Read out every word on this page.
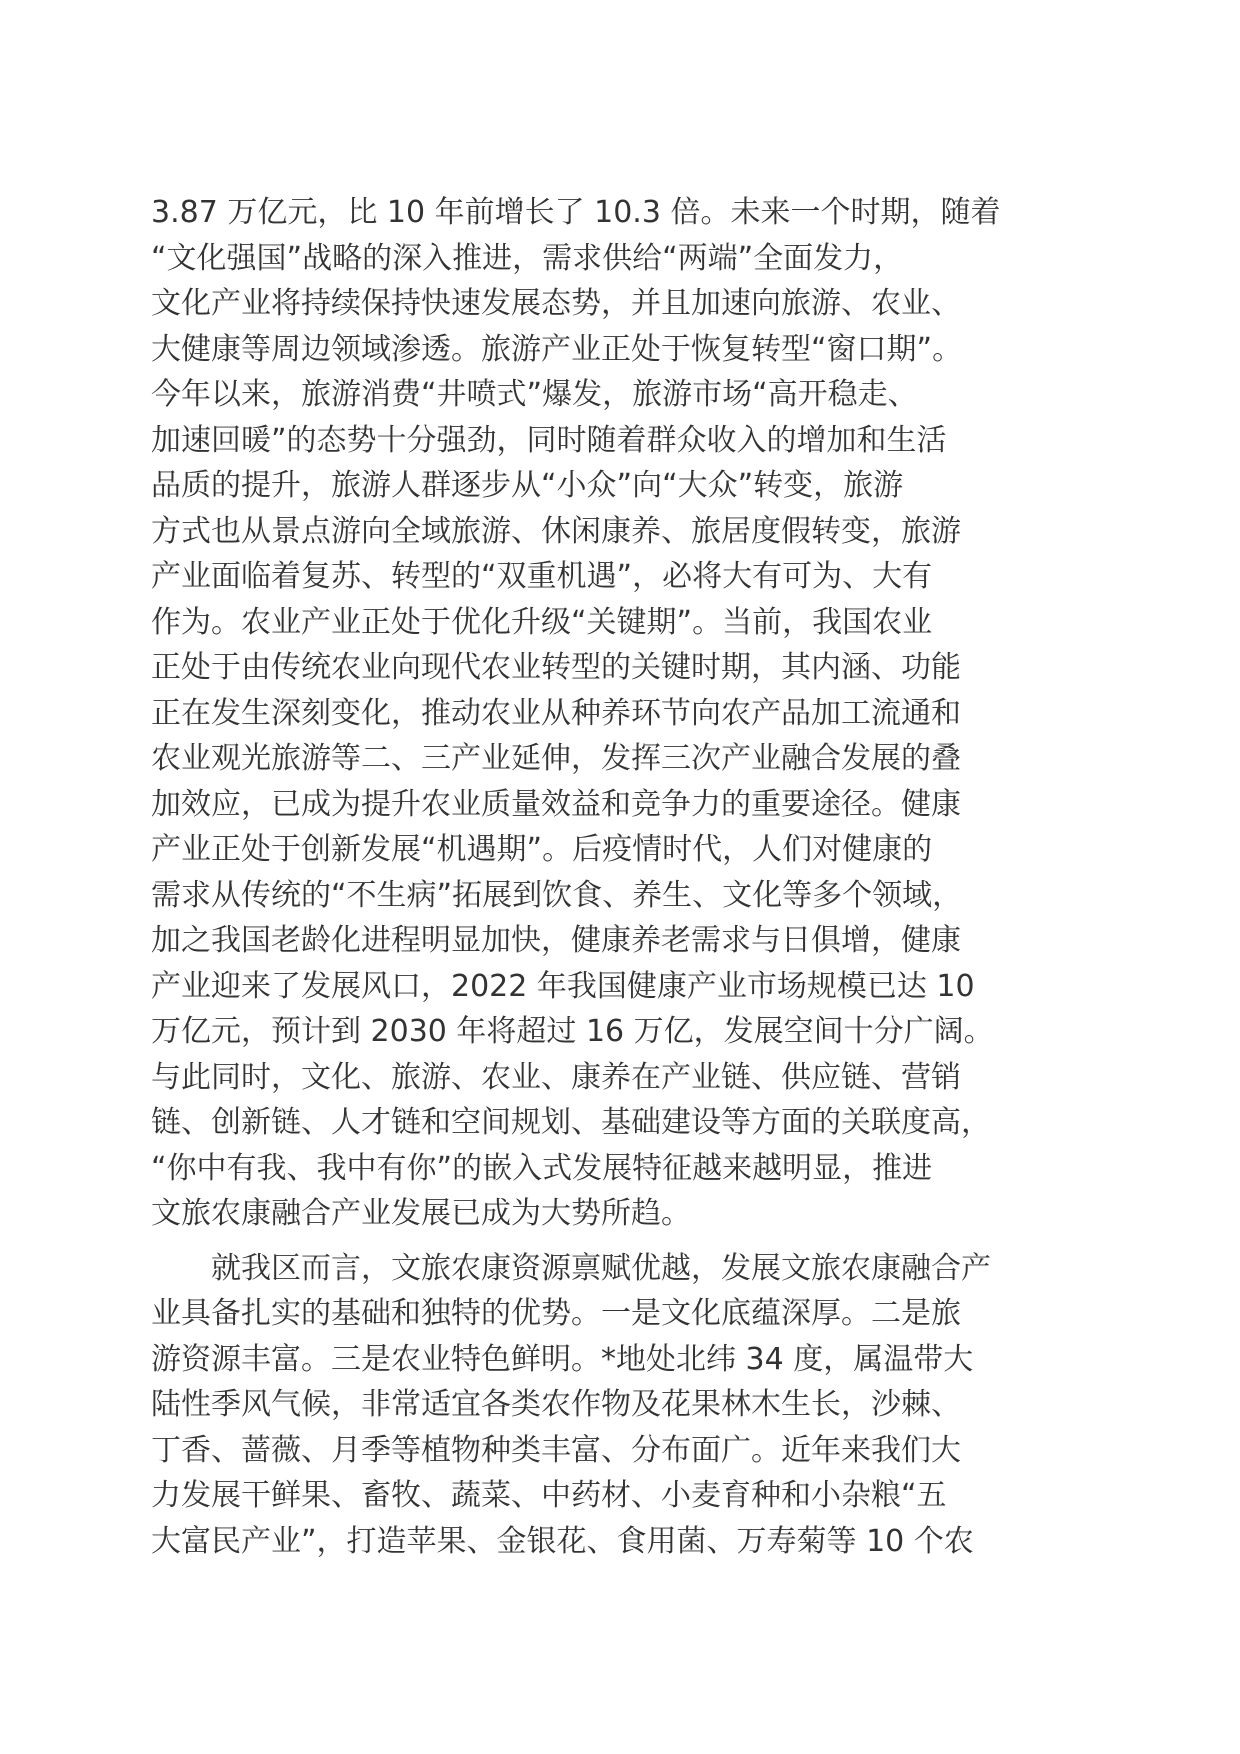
3.87 万亿元，比 10 年前增长了 10.3 倍。未来一个时期，随着
“文化强国”战略的深入推进，需求供给“两端”全面发力，
文化产业将持续保持快速发展态势，并且加速向旅游、农业、
大健康等周边领域渗透。旅游产业正处于恢复转型“窗口期”。
今年以来，旅游消费“井喷式”爆发，旅游市场“高开稳走、
加速回暖”的态势十分强劲，同时随着群众收入的增加和生活
品质的提升，旅游人群逐步从“小众”向“大众”转变，旅游
方式也从景点游向全域旅游、休闲康养、旅居度假转变，旅游
产业面临着复苏、转型的“双重机遇”，必将大有可为、大有
作为。农业产业正处于优化升级“关键期”。当前，我国农业
正处于由传统农业向现代农业转型的关键时期，其内涵、功能
正在发生深刻变化，推动农业从种养环节向农产品加工流通和
农业观光旅游等二、三产业延伸，发挥三次产业融合发展的叠
加效应，已成为提升农业质量效益和竞争力的重要途径。健康
产业正处于创新发展“机遇期”。后疫情时代，人们对健康的
需求从传统的“不生病”拓展到饮食、养生、文化等多个领域，
加之我国老龄化进程明显加快，健康养老需求与日俱增，健康
产业迎来了发展风口，2022 年我国健康产业市场规模已达 10
万亿元，预计到 2030 年将超过 16 万亿，发展空间十分广阔。
与此同时，文化、旅游、农业、康养在产业链、供应链、营销
链、创新链、人才链和空间规划、基础建设等方面的关联度高，
“你中有我、我中有你”的嵌入式发展特征越来越明显，推进
文旅农康融合产业发展已成为大势所趋。

　　就我区而言，文旅农康资源禀赋优越，发展文旅农康融合产
业具备扎实的基础和独特的优势。一是文化底蕴深厚。二是旅
游资源丰富。三是农业特色鲜明。*地处北纬 34 度，属温带大
陆性季风气候，非常适宜各类农作物及花果林木生长，沙棘、
丁香、蔷薇、月季等植物种类丰富、分布面广。近年来我们大
力发展干鲜果、畜牧、蔬菜、中药材、小麦育种和小杂粮“五
大富民产业”，打造苹果、金银花、食用菌、万寿菊等 10 个农
